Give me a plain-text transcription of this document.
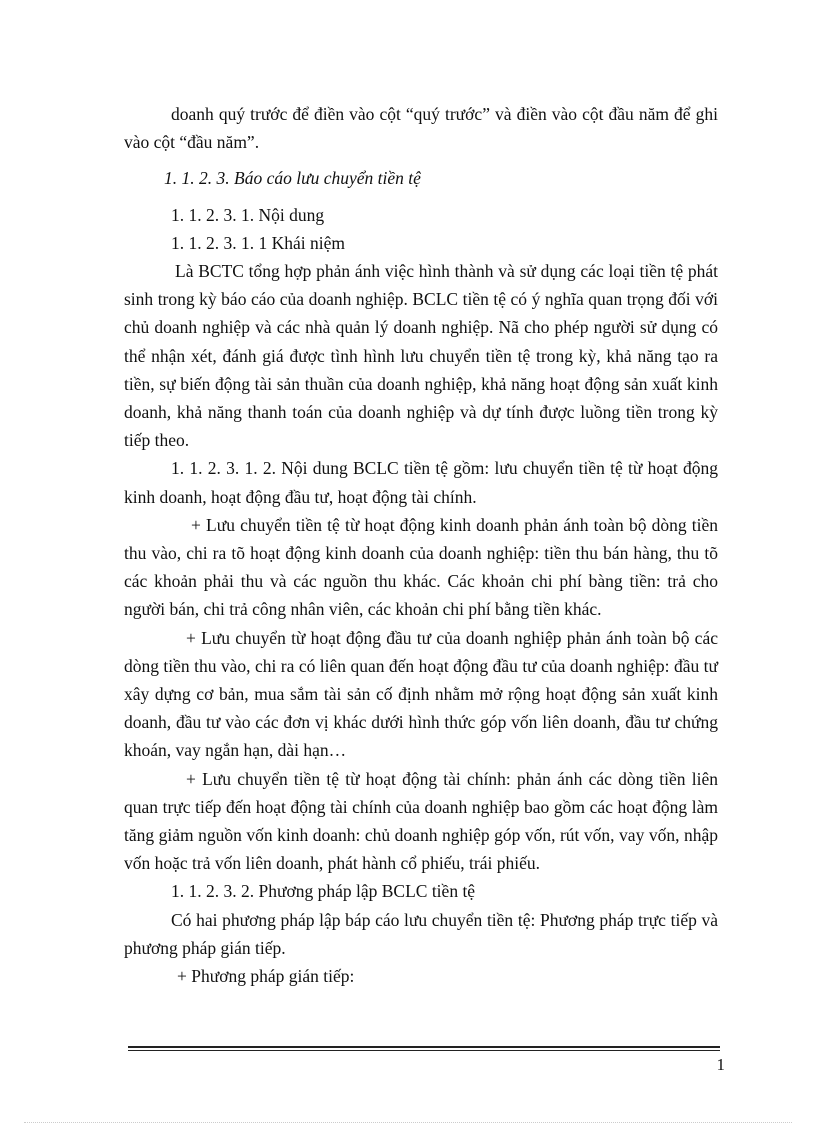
doanh quý trước để điền vào cột “quý trước” và điền vào cột đầu năm để ghi vào cột “đầu năm”.

1. 1. 2. 3. Báo cáo lưu chuyển tiền tệ

1. 1. 2. 3. 1. Nội dung

1. 1. 2. 3. 1. 1 Khái niệm

Là BCTC tổng hợp phản ánh việc hình thành và sử dụng các loại tiền tệ phát sinh trong kỳ báo cáo của doanh nghiệp. BCLC tiền tệ có ý nghĩa quan trọng đối với chủ doanh nghiệp và các nhà quản lý doanh nghiệp. Nã cho phép người sử dụng có thể nhận xét, đánh giá được tình hình lưu chuyển tiền tệ trong kỳ, khả năng tạo ra tiền, sự biến động tài sản thuần của doanh nghiệp, khả năng hoạt động sản xuất kinh doanh, khả năng thanh toán của doanh nghiệp và dự tính được luồng tiền trong kỳ tiếp theo.

1. 1. 2. 3. 1. 2. Nội dung BCLC tiền tệ gồm: lưu chuyển tiền tệ từ hoạt động kinh doanh, hoạt động đầu tư, hoạt động tài chính.

+ Lưu chuyển tiền tệ từ hoạt động kinh doanh phản ánh toàn bộ dòng tiền thu vào, chi ra tõ hoạt động kinh doanh của doanh nghiệp: tiền thu bán hàng, thu tõ các khoản phải thu và các nguồn thu khác. Các khoản chi phí bàng tiền: trả cho người bán, chi trả công nhân viên, các khoản chi phí bằng tiền khác.

+ Lưu chuyển từ hoạt động đầu tư của doanh nghiệp phản ánh toàn bộ các dòng tiền thu vào, chi ra có liên quan đến hoạt động đầu tư của doanh nghiệp: đầu tư xây dựng cơ bản, mua sắm tài sản cố định nhằm mở rộng hoạt động sản xuất kinh doanh, đầu tư vào các đơn vị khác dưới hình thức góp vốn liên doanh, đầu tư chứng khoán, vay ngắn hạn, dài hạn…

+ Lưu chuyển tiền tệ từ hoạt động tài chính: phản ánh các dòng tiền liên quan trực tiếp đến hoạt động tài chính của doanh nghiệp bao gồm các hoạt động làm tăng giảm nguồn vốn kinh doanh: chủ doanh nghiệp góp vốn, rút vốn, vay vốn, nhập vốn hoặc trả vốn liên doanh, phát hành cổ phiếu, trái phiếu.

1. 1. 2. 3. 2. Phương pháp lập BCLC tiền tệ

Có hai phương pháp lập báp cáo lưu chuyển tiền tệ: Phương pháp trực tiếp và phương pháp gián tiếp.

+ Phương pháp gián tiếp:

1
